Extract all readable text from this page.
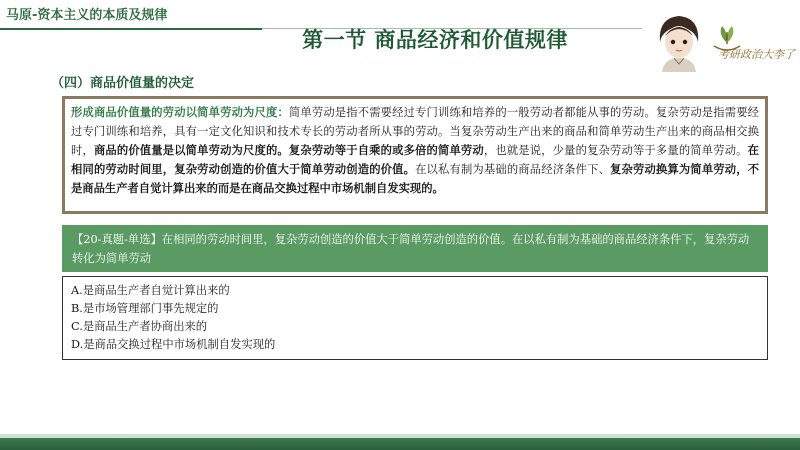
马原-资本主义的本质及规律
第一节 商品经济和价值规律
考研政治大李了
（四）商品价值量的决定
形成商品价值量的劳动以简单劳动为尺度：简单劳动是指不需要经过专门训练和培养的一般劳动者都能从事的劳动。复杂劳动是指需要经过专门训练和培养，具有一定文化知识和技术专长的劳动者所从事的劳动。当复杂劳动生产出来的商品和简单劳动生产出来的商品相交换时，商品的价值量是以简单劳动为尺度的。复杂劳动等于自乘的或多倍的简单劳动，也就是说，少量的复杂劳动等于多量的简单劳动。在相同的劳动时间里，复杂劳动创造的价值大于简单劳动创造的价值。在以私有制为基础的商品经济条件下、复杂劳动换算为简单劳动，不是商品生产者自觉计算出来的而是在商品交换过程中市场机制自发实现的。
【20-真题-单选】在相同的劳动时间里，复杂劳动创造的价值大于简单劳动创造的价值。在以私有制为基础的商品经济条件下，复杂劳动转化为简单劳动
A.是商品生产者自觉计算出来的
B.是市场管理部门事先规定的
C.是商品生产者协商出来的
D.是商品交换过程中市场机制自发实现的
